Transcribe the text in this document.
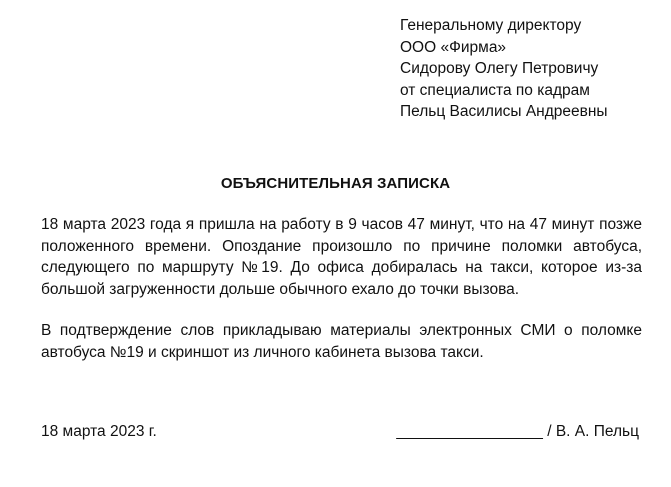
Генеральному директору
ООО «Фирма»
Сидорову Олегу Петровичу
от специалиста по кадрам
Пельц Василисы Андреевны
ОБЪЯСНИТЕЛЬНАЯ ЗАПИСКА
18 марта 2023 года я пришла на работу в 9 часов 47 минут, что на 47 минут позже положенного времени. Опоздание произошло по причине поломки автобуса, следующего по маршруту №19. До офиса добиралась на такси, которое из-за большой загруженности дольше обычного ехало до точки вызова.
В подтверждение слов прикладываю материалы электронных СМИ о поломке автобуса №19 и скриншот из личного кабинета вызова такси.
18 марта 2023 г.	_________________ / В. А. Пельц
